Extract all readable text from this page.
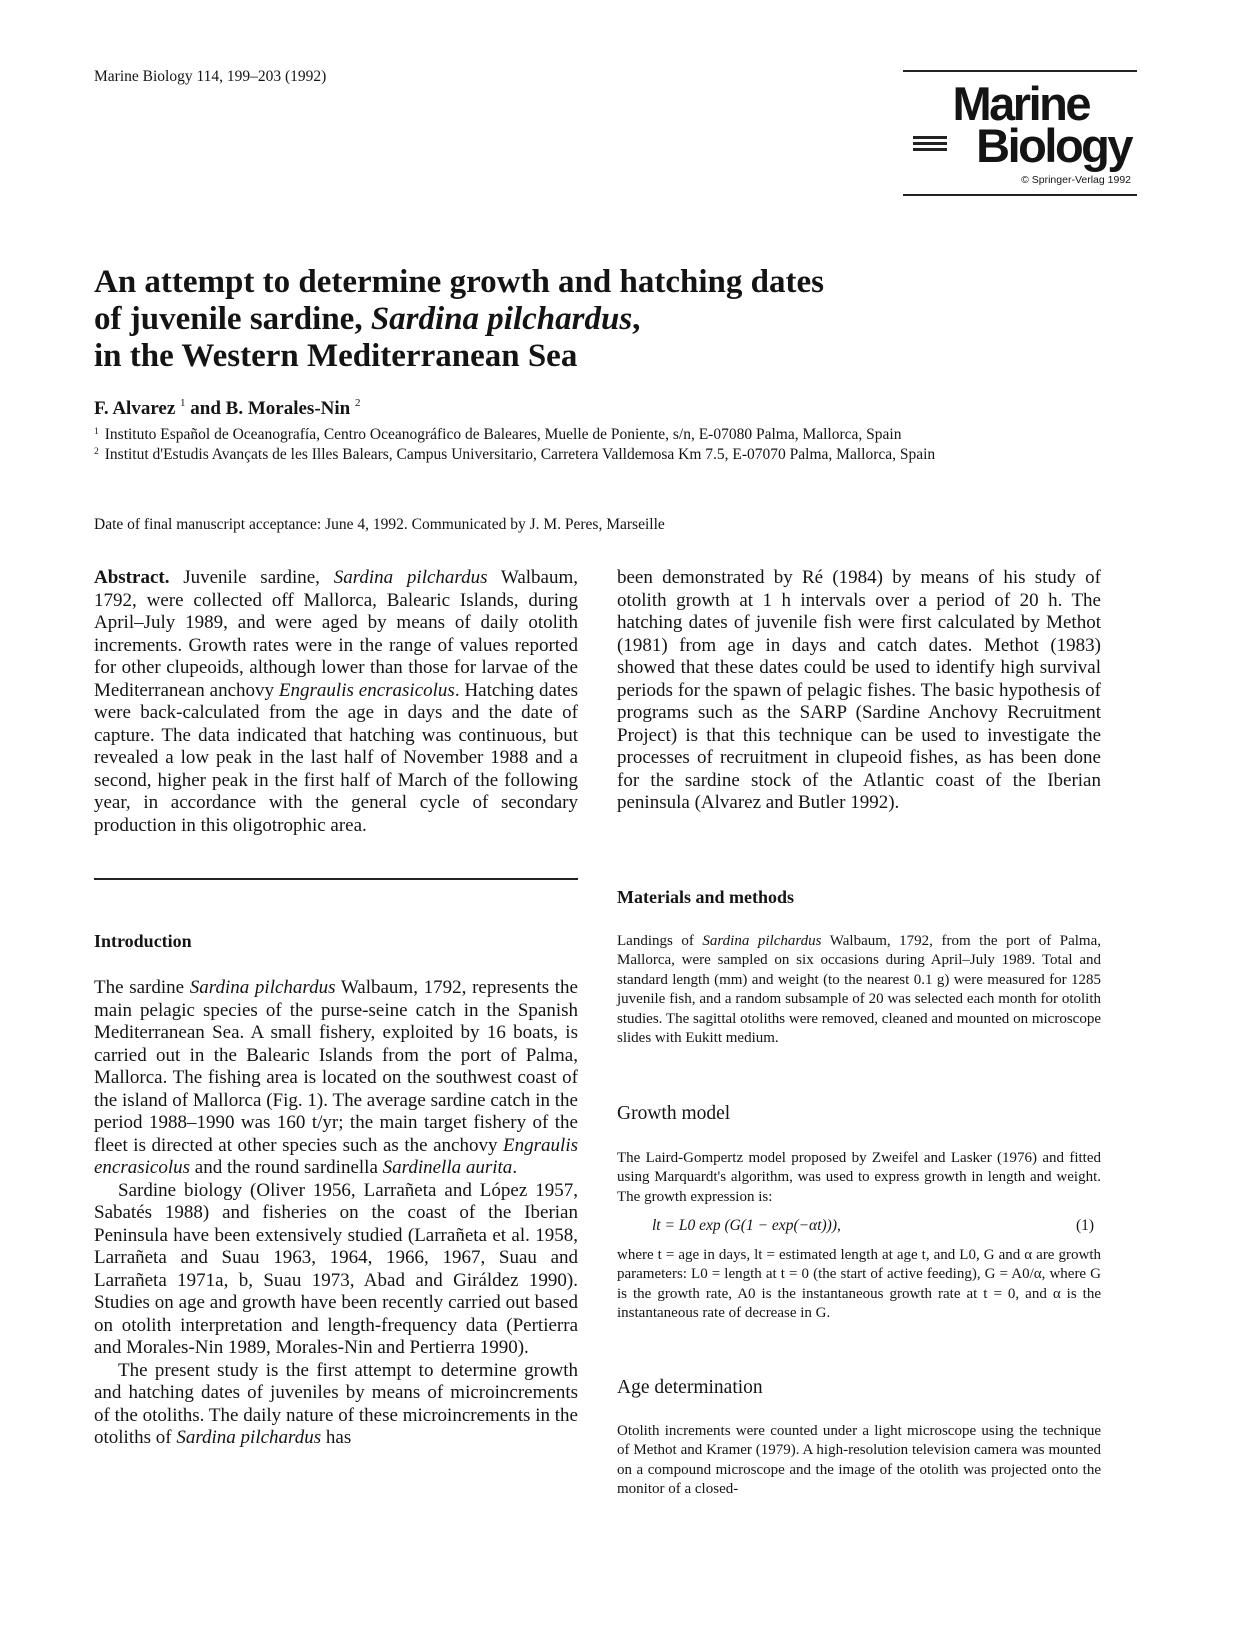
Marine Biology 114, 199–203 (1992)
Marine
Biology
© Springer-Verlag 1992
An attempt to determine growth and hatching dates
of juvenile sardine, Sardina pilchardus,
in the Western Mediterranean Sea
F. Alvarez $^1$ and B. Morales-Nin $^2$
$^1$ Instituto Español de Oceanografía, Centro Oceanográfico de Baleares, Muelle de Poniente, s/n, E-07080 Palma, Mallorca, Spain
$^2$ Institut d'Estudis Avançats de les Illes Balears, Campus Universitario, Carretera Valldemosa Km 7.5, E-07070 Palma, Mallorca, Spain
Date of final manuscript acceptance: June 4, 1992. Communicated by J. M. Peres, Marseille

Abstract. Juvenile sardine, Sardina pilchardus Walbaum, 1792, were collected off Mallorca, Balearic Islands, during April–July 1989, and were aged by means of daily otolith increments. Growth rates were in the range of values reported for other clupeoids, although lower than those for larvae of the Mediterranean anchovy Engraulis encrasicolus. Hatching dates were back-calculated from the age in days and the date of capture. The data indicated that hatching was continuous, but revealed a low peak in the last half of November 1988 and a second, higher peak in the first half of March of the following year, in accordance with the general cycle of secondary production in this oligotrophic area.

Introduction

The sardine Sardina pilchardus Walbaum, 1792, represents the main pelagic species of the purse-seine catch in the Spanish Mediterranean Sea. A small fishery, exploited by 16 boats, is carried out in the Balearic Islands from the port of Palma, Mallorca. The fishing area is located on the southwest coast of the island of Mallorca (Fig. 1). The average sardine catch in the period 1988–1990 was 160 t/yr; the main target fishery of the fleet is directed at other species such as the anchovy Engraulis encrasicolus and the round sardinella Sardinella aurita.

Sardine biology (Oliver 1956, Larrañeta and López 1957, Sabatés 1988) and fisheries on the coast of the Iberian Peninsula have been extensively studied (Larrañeta et al. 1958, Larrañeta and Suau 1963, 1964, 1966, 1967, Suau and Larrañeta 1971a, b, Suau 1973, Abad and Giráldez 1990). Studies on age and growth have been recently carried out based on otolith interpretation and length-frequency data (Pertierra and Morales-Nin 1989, Morales-Nin and Pertierra 1990).

The present study is the first attempt to determine growth and hatching dates of juveniles by means of microincrements of the otoliths. The daily nature of these microincrements in the otoliths of Sardina pilchardus has

been demonstrated by Ré (1984) by means of his study of otolith growth at 1 h intervals over a period of 20 h. The hatching dates of juvenile fish were first calculated by Methot (1981) from age in days and catch dates. Methot (1983) showed that these dates could be used to identify high survival periods for the spawn of pelagic fishes. The basic hypothesis of programs such as the SARP (Sardine Anchovy Recruitment Project) is that this technique can be used to investigate the processes of recruitment in clupeoid fishes, as has been done for the sardine stock of the Atlantic coast of the Iberian peninsula (Alvarez and Butler 1992).

Materials and methods

Landings of Sardina pilchardus Walbaum, 1792, from the port of Palma, Mallorca, were sampled on six occasions during April–July 1989. Total and standard length (mm) and weight (to the nearest 0.1 g) were measured for 1285 juvenile fish, and a random subsample of 20 was selected each month for otolith studies. The sagittal otoliths were removed, cleaned and mounted on microscope slides with Eukitt medium.

Growth model

The Laird-Gompertz model proposed by Zweifel and Lasker (1976) and fitted using Marquardt's algorithm, was used to express growth in length and weight. The growth expression is:

lt = L0 exp (G(1 − exp(−αt))),	(1)

where t = age in days, lt = estimated length at age t, and L0, G and α are growth parameters: L0 = length at t = 0 (the start of active feeding), G = A0/α, where G is the growth rate, A0 is the instantaneous growth rate at t = 0, and α is the instantaneous rate of decrease in G.

Age determination

Otolith increments were counted under a light microscope using the technique of Methot and Kramer (1979). A high-resolution television camera was mounted on a compound microscope and the image of the otolith was projected onto the monitor of a closed-
